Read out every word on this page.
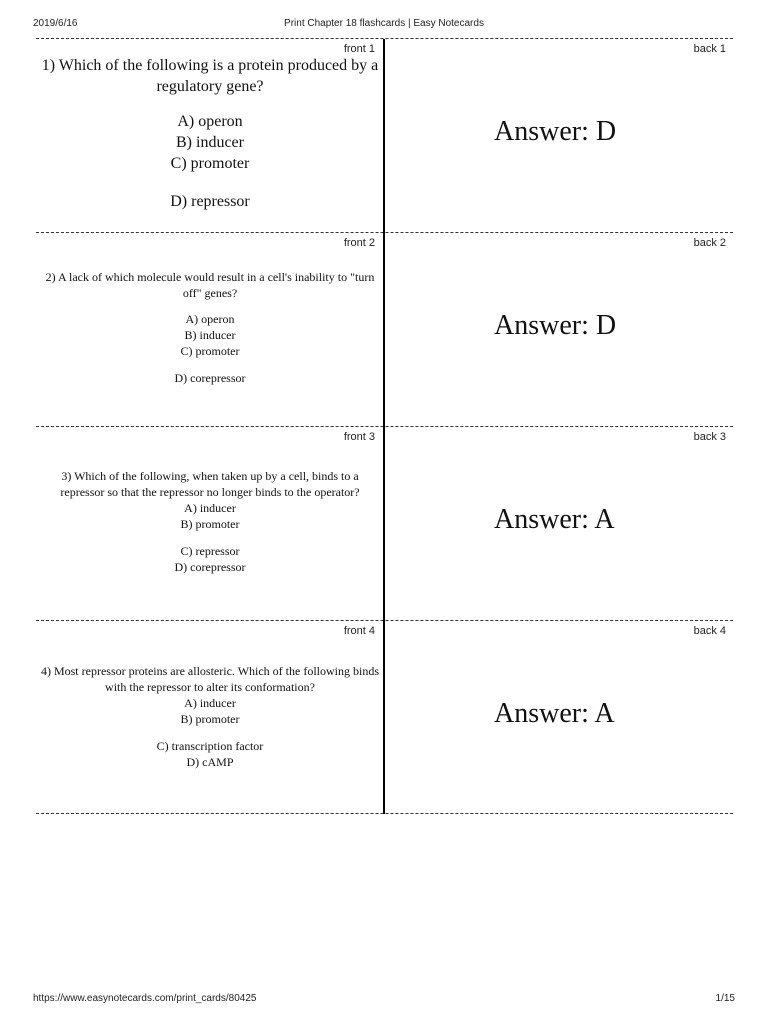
2019/6/16	Print Chapter 18 flashcards | Easy Notecards
front 1	back 1

1) Which of the following is a protein produced by a regulatory gene?

A) operon

B) inducer

C) promoter

D) repressor

Answer: D
front 2	back 2

2) A lack of which molecule would result in a cell's inability to "turn off" genes?

A) operon

B) inducer

C) promoter

D) corepressor

Answer: D
front 3	back 3

3) Which of the following, when taken up by a cell, binds to a repressor so that the repressor no longer binds to the operator?

A) inducer

B) promoter

C) repressor

D) corepressor

Answer: A
front 4	back 4

4) Most repressor proteins are allosteric. Which of the following binds with the repressor to alter its conformation?

A) inducer

B) promoter

C) transcription factor

D) cAMP

Answer: A
https://www.easynotecards.com/print_cards/80425	1/15
